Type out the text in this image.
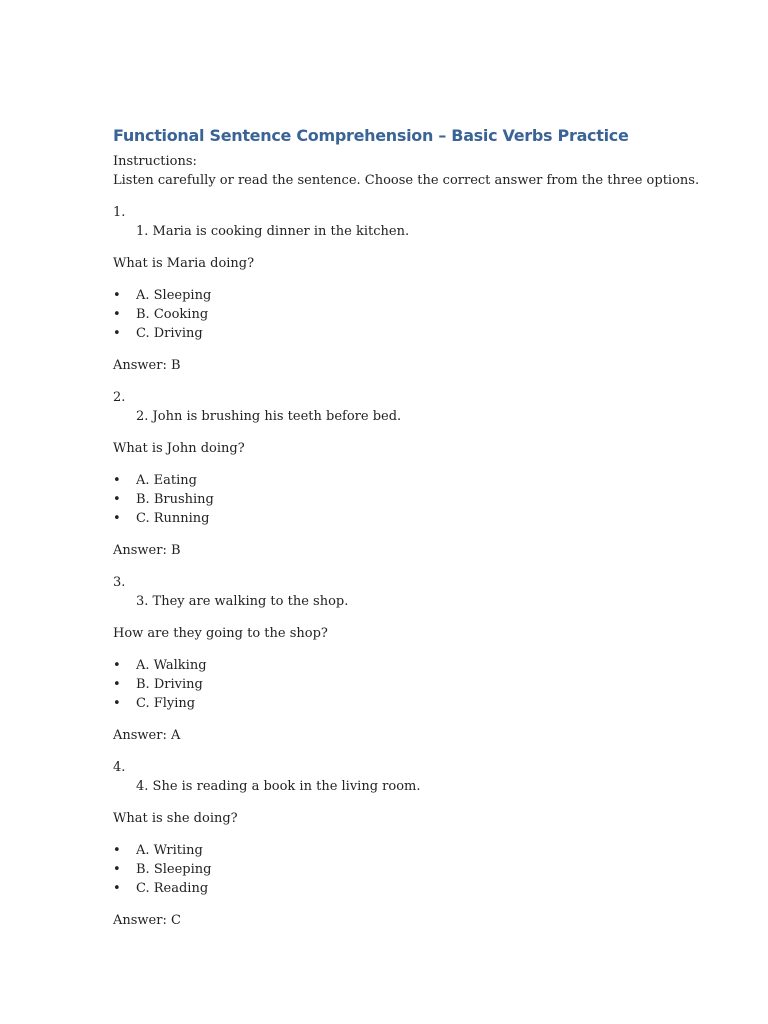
Functional Sentence Comprehension – Basic Verbs Practice

Instructions:

Listen carefully or read the sentence. Choose the correct answer from the three options.

1.

1. Maria is cooking dinner in the kitchen.

What is Maria doing?

• A. Sleeping
• B. Cooking
• C. Driving

Answer: B

2.

2. John is brushing his teeth before bed.

What is John doing?

• A. Eating
• B. Brushing
• C. Running

Answer: B

3.

3. They are walking to the shop.

How are they going to the shop?

• A. Walking
• B. Driving
• C. Flying

Answer: A

4.

4. She is reading a book in the living room.

What is she doing?

• A. Writing
• B. Sleeping
• C. Reading

Answer: C
